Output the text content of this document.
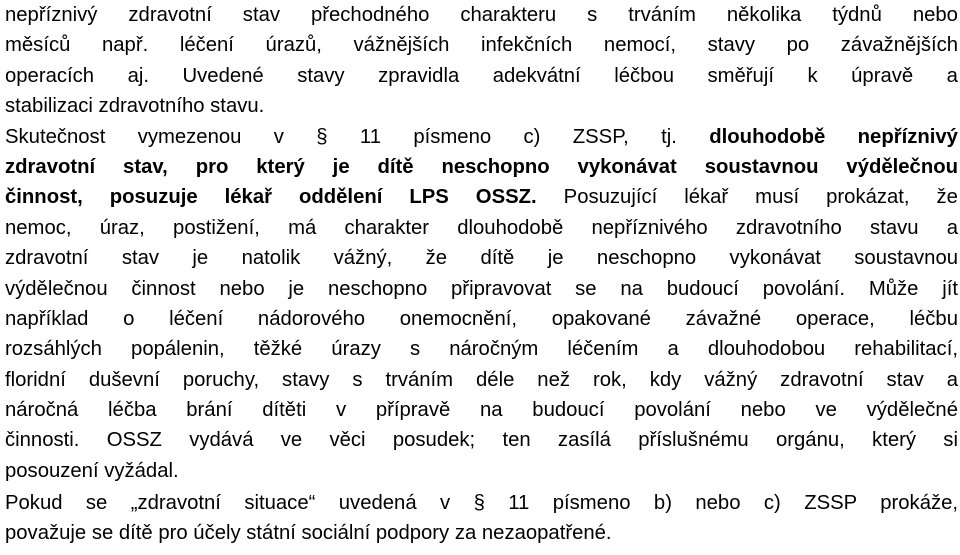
nepříznivý zdravotní stav přechodného charakteru s trváním několika týdnů nebo
měsíců např. léčení úrazů, vážnějších infekčních nemocí, stavy po závažnějších
operacích aj. Uvedené stavy zpravidla adekvátní léčbou směřují k úpravě a
stabilizaci zdravotního stavu.
Skutečnost vymezenou v § 11 písmeno c) ZSSP, tj. dlouhodobě nepříznivý
zdravotní stav, pro který je dítě neschopno vykonávat soustavnou výdělečnou
činnost, posuzuje lékař oddělení LPS OSSZ. Posuzující lékař musí prokázat, že
nemoc, úraz, postižení, má charakter dlouhodobě nepříznivého zdravotního stavu a
zdravotní stav je natolik vážný, že dítě je neschopno vykonávat soustavnou
výdělečnou činnost nebo je neschopno připravovat se na budoucí povolání. Může jít
například o léčení nádorového onemocnění, opakované závažné operace, léčbu
rozsáhlých popálenin, těžké úrazy s náročným léčením a dlouhodobou rehabilitací,
floridní duševní poruchy, stavy s trváním déle než rok, kdy vážný zdravotní stav a
náročná léčba brání dítěti v přípravě na budoucí povolání nebo ve výdělečné
činnosti. OSSZ vydává ve věci posudek; ten zasílá příslušnému orgánu, který si
posouzení vyžádal.
Pokud se „zdravotní situace“ uvedená v § 11 písmeno b) nebo c) ZSSP prokáže,
považuje se dítě pro účely státní sociální podpory za nezaopatřené.
